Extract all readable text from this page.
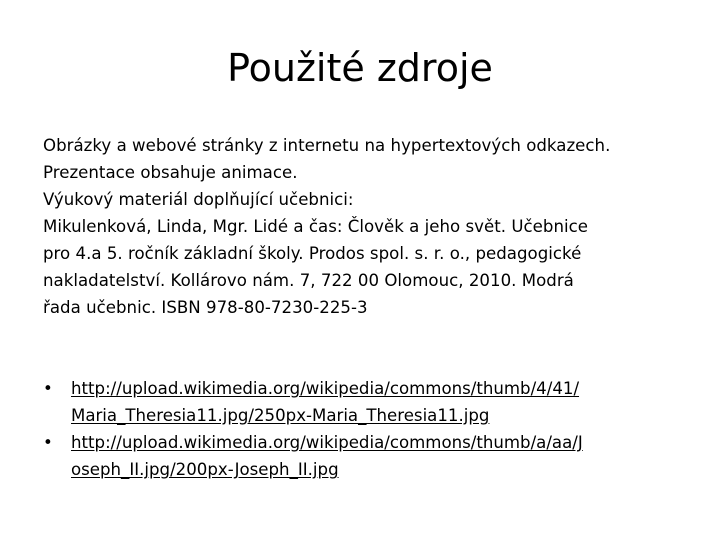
Použité zdroje

Obrázky a webové stránky z internetu na hypertextových odkazech.

Prezentace obsahuje animace.

Výukový materiál doplňující učebnici:

Mikulenková, Linda, Mgr. Lidé a čas: Člověk a jeho svět. Učebnice
pro 4.a 5. ročník základní školy. Prodos spol. s. r. o., pedagogické
nakladatelství. Kollárovo nám. 7, 722 00 Olomouc, 2010. Modrá
řada učebnic. ISBN 978-80-7230-225-3
•	http://upload.wikimedia.org/wikipedia/commons/thumb/4/41/
Maria_Theresia11.jpg/250px-Maria_Theresia11.jpg
•	http://upload.wikimedia.org/wikipedia/commons/thumb/a/aa/J
oseph_II.jpg/200px-Joseph_II.jpg
